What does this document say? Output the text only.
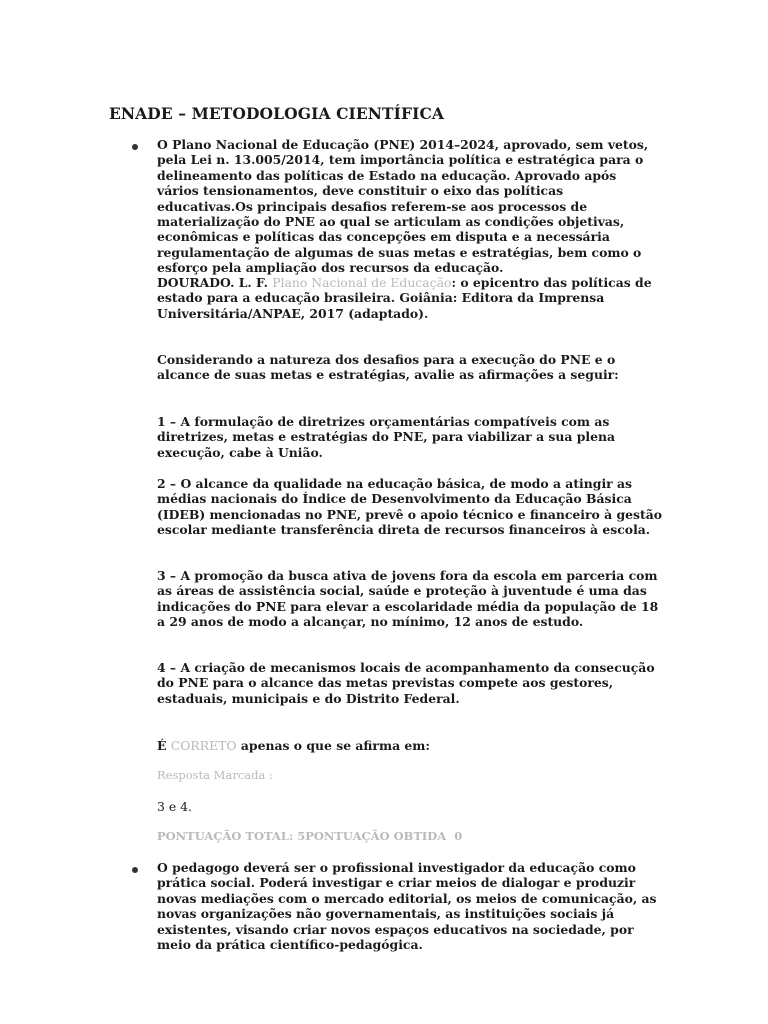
ENADE – METODOLOGIA CIENTÍFICA
O Plano Nacional de Educação (PNE) 2014–2024, aprovado, sem vetos, pela Lei n. 13.005/2014, tem importância política e estratégica para o delineamento das políticas de Estado na educação. Aprovado após vários tensionamentos, deve constituir o eixo das políticas educativas.Os principais desafios referem-se aos processos de materialização do PNE ao qual se articulam as condições objetivas, econômicas e políticas das concepções em disputa e a necessária regulamentação de algumas de suas metas e estratégias, bem como o esforço pela ampliação dos recursos da educação.
DOURADO. L. F. Plano Nacional de Educação: o epicentro das políticas de estado para a educação brasileira. Goiânia: Editora da Imprensa Universitária/ANPAE, 2017 (adaptado).
Considerando a natureza dos desafios para a execução do PNE e o alcance de suas metas e estratégias, avalie as afirmações a seguir:
1 – A formulação de diretrizes orçamentárias compatíveis com as diretrizes, metas e estratégias do PNE, para viabilizar a sua plena execução, cabe à União.
2 – O alcance da qualidade na educação básica, de modo a atingir as médias nacionais do Índice de Desenvolvimento da Educação Básica (IDEB) mencionadas no PNE, prevê o apoio técnico e financeiro à gestão escolar mediante transferência direta de recursos financeiros à escola.
3 – A promoção da busca ativa de jovens fora da escola em parceria com as áreas de assistência social, saúde e proteção à juventude é uma das indicações do PNE para elevar a escolaridade média da população de 18 a 29 anos de modo a alcançar, no mínimo, 12 anos de estudo.
4 – A criação de mecanismos locais de acompanhamento da consecução do PNE para o alcance das metas previstas compete aos gestores, estaduais, municipais e do Distrito Federal.
É CORRETO apenas o que se afirma em:
Resposta Marcada :
3 e 4.
PONTUAÇÃO TOTAL: 5PONTUAÇÃO OBTIDA  0
O pedagogo deverá ser o profissional investigador da educação como prática social. Poderá investigar e criar meios de dialogar e produzir novas mediações com o mercado editorial, os meios de comunicação, as novas organizações não governamentais, as instituições sociais já existentes, visando criar novos espaços educativos na sociedade, por meio da prática científico-pedagógica.
